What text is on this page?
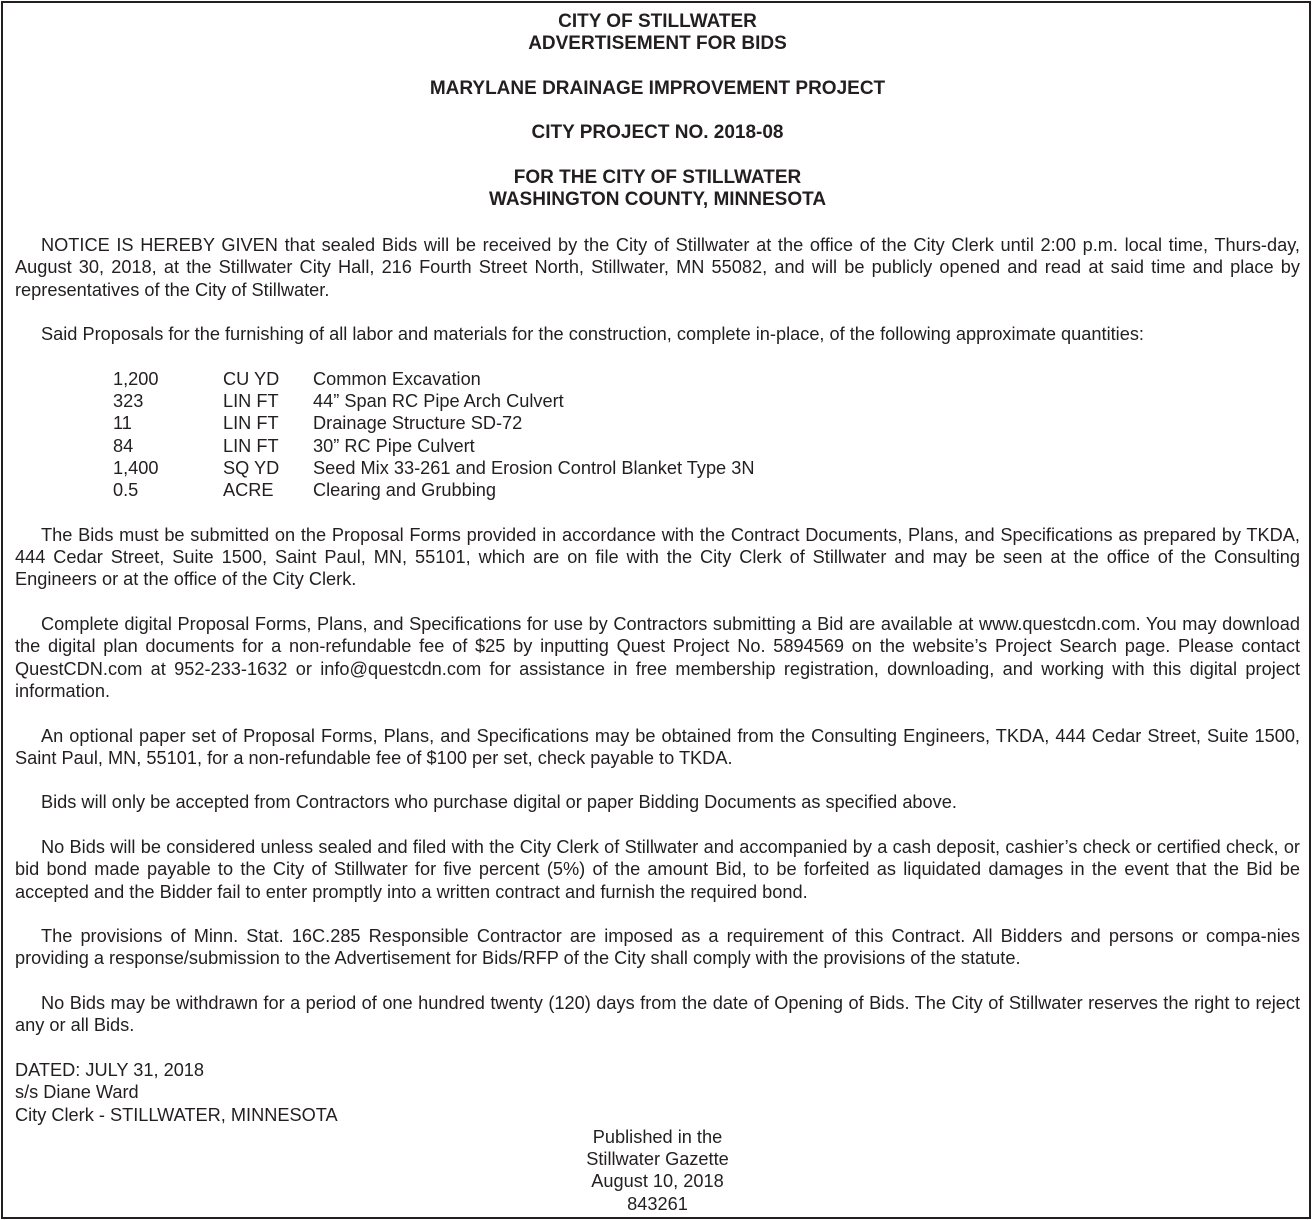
CITY OF STILLWATER

ADVERTISEMENT FOR BIDS

MARYLANE DRAINAGE IMPROVEMENT PROJECT

CITY PROJECT NO. 2018-08

FOR THE CITY OF STILLWATER

WASHINGTON COUNTY, MINNESOTA

NOTICE IS HEREBY GIVEN that sealed Bids will be received by the City of Stillwater at the office of the City Clerk until 2:00 p.m. local time, Thurs-day, August 30, 2018, at the Stillwater City Hall, 216 Fourth Street North, Stillwater, MN 55082, and will be publicly opened and read at said time and place by representatives of the City of Stillwater.

Said Proposals for the furnishing of all labor and materials for the construction, complete in-place, of the following approximate quantities:

1,200	CU YD	Common Excavation
323	LIN FT	44” Span RC Pipe Arch Culvert
11	LIN FT	Drainage Structure SD-72
84	LIN FT	30” RC Pipe Culvert
1,400	SQ YD	Seed Mix 33-261 and Erosion Control Blanket Type 3N
0.5	ACRE	Clearing and Grubbing

The Bids must be submitted on the Proposal Forms provided in accordance with the Contract Documents, Plans, and Specifications as prepared by TKDA, 444 Cedar Street, Suite 1500, Saint Paul, MN, 55101, which are on file with the City Clerk of Stillwater and may be seen at the office of the Consulting Engineers or at the office of the City Clerk.

Complete digital Proposal Forms, Plans, and Specifications for use by Contractors submitting a Bid are available at www.questcdn.com. You may download the digital plan documents for a non-refundable fee of $25 by inputting Quest Project No. 5894569 on the website’s Project Search page. Please contact QuestCDN.com at 952-233-1632 or info@questcdn.com for assistance in free membership registration, downloading, and working with this digital project information.

An optional paper set of Proposal Forms, Plans, and Specifications may be obtained from the Consulting Engineers, TKDA, 444 Cedar Street, Suite 1500, Saint Paul, MN, 55101, for a non-refundable fee of $100 per set, check payable to TKDA.

Bids will only be accepted from Contractors who purchase digital or paper Bidding Documents as specified above.

No Bids will be considered unless sealed and filed with the City Clerk of Stillwater and accompanied by a cash deposit, cashier’s check or certified check, or bid bond made payable to the City of Stillwater for five percent (5%) of the amount Bid, to be forfeited as liquidated damages in the event that the Bid be accepted and the Bidder fail to enter promptly into a written contract and furnish the required bond.

The provisions of Minn. Stat. 16C.285 Responsible Contractor are imposed as a requirement of this Contract. All Bidders and persons or compa-nies providing a response/submission to the Advertisement for Bids/RFP of the City shall comply with the provisions of the statute.

No Bids may be withdrawn for a period of one hundred twenty (120) days from the date of Opening of Bids. The City of Stillwater reserves the right to reject any or all Bids.

DATED: JULY 31, 2018

s/s Diane Ward

City Clerk - STILLWATER, MINNESOTA

Published in the

Stillwater Gazette

August 10, 2018

843261
